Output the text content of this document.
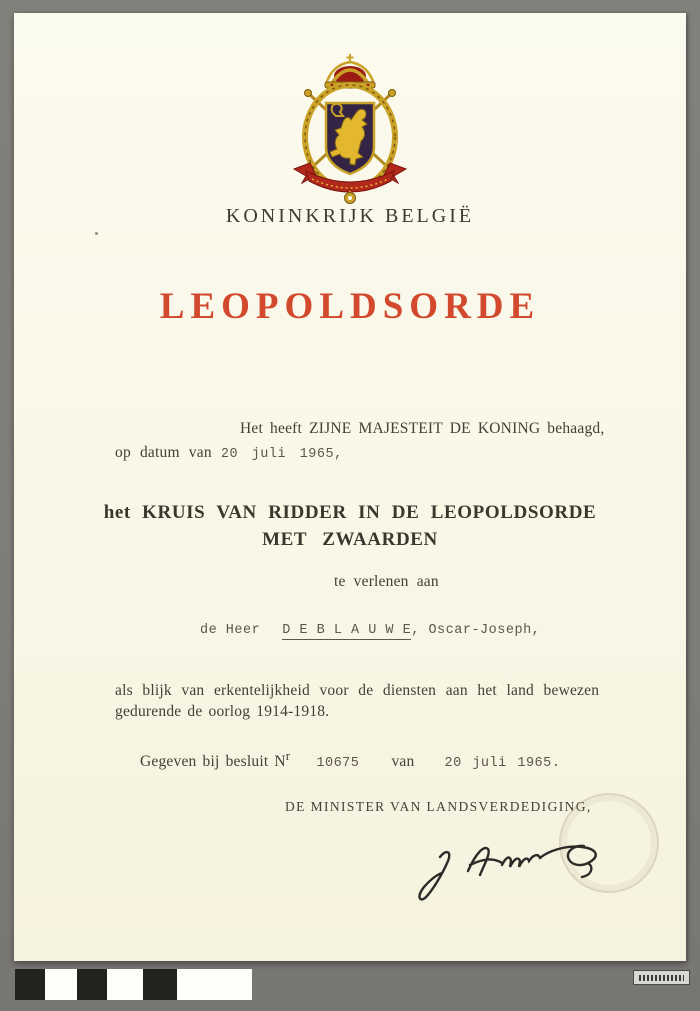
KONINKRIJK BELGIË
LEOPOLDSORDE
Het heeft ZIJNE MAJESTEIT DE KONING behaagd,
op datum van 20 juli 1965,
het KRUIS VAN RIDDER IN DE LEOPOLDSORDE
MET ZWAARDEN
te verlenen aan
de Heer D E B L A U W E, Oscar-Joseph,
als blijk van erkentelijkheid voor de diensten aan het land bewezen
gedurende de oorlog 1914-1918.
Gegeven bij besluit $N^r$ 10675 van 20 juli 1965.
DE MINISTER VAN LANDSVERDEDIGING,
